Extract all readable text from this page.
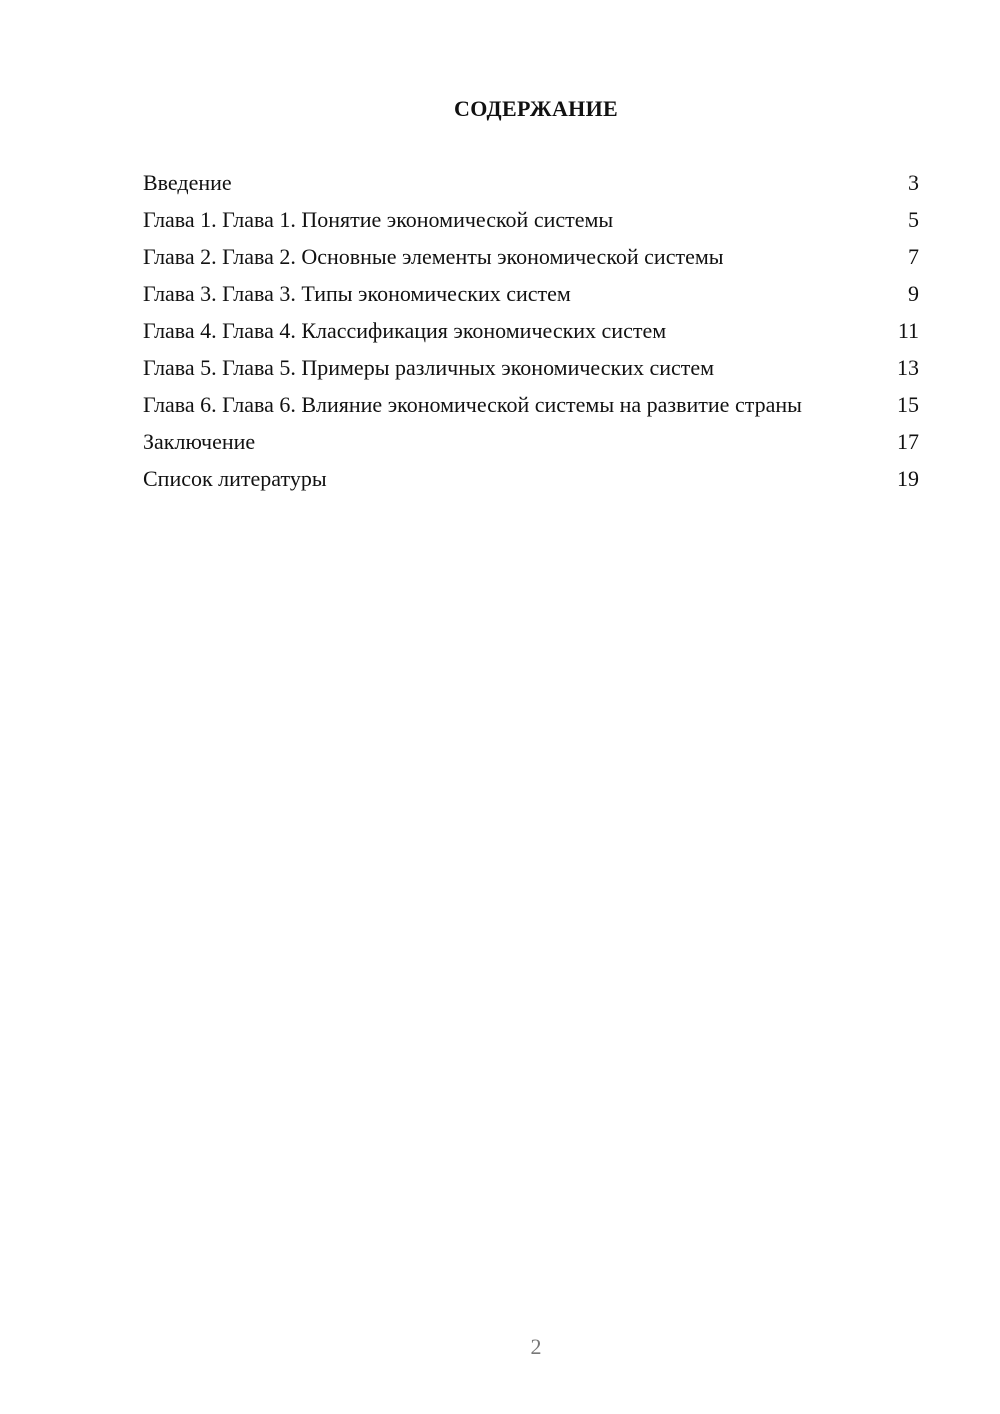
СОДЕРЖАНИЕ
Введение	3
Глава 1. Глава 1. Понятие экономической системы	5
Глава 2. Глава 2. Основные элементы экономической системы	7
Глава 3. Глава 3. Типы экономических систем	9
Глава 4. Глава 4. Классификация экономических систем	11
Глава 5. Глава 5. Примеры различных экономических систем	13
Глава 6. Глава 6. Влияние экономической системы на развитие страны	15
Заключение	17
Список литературы	19
2
